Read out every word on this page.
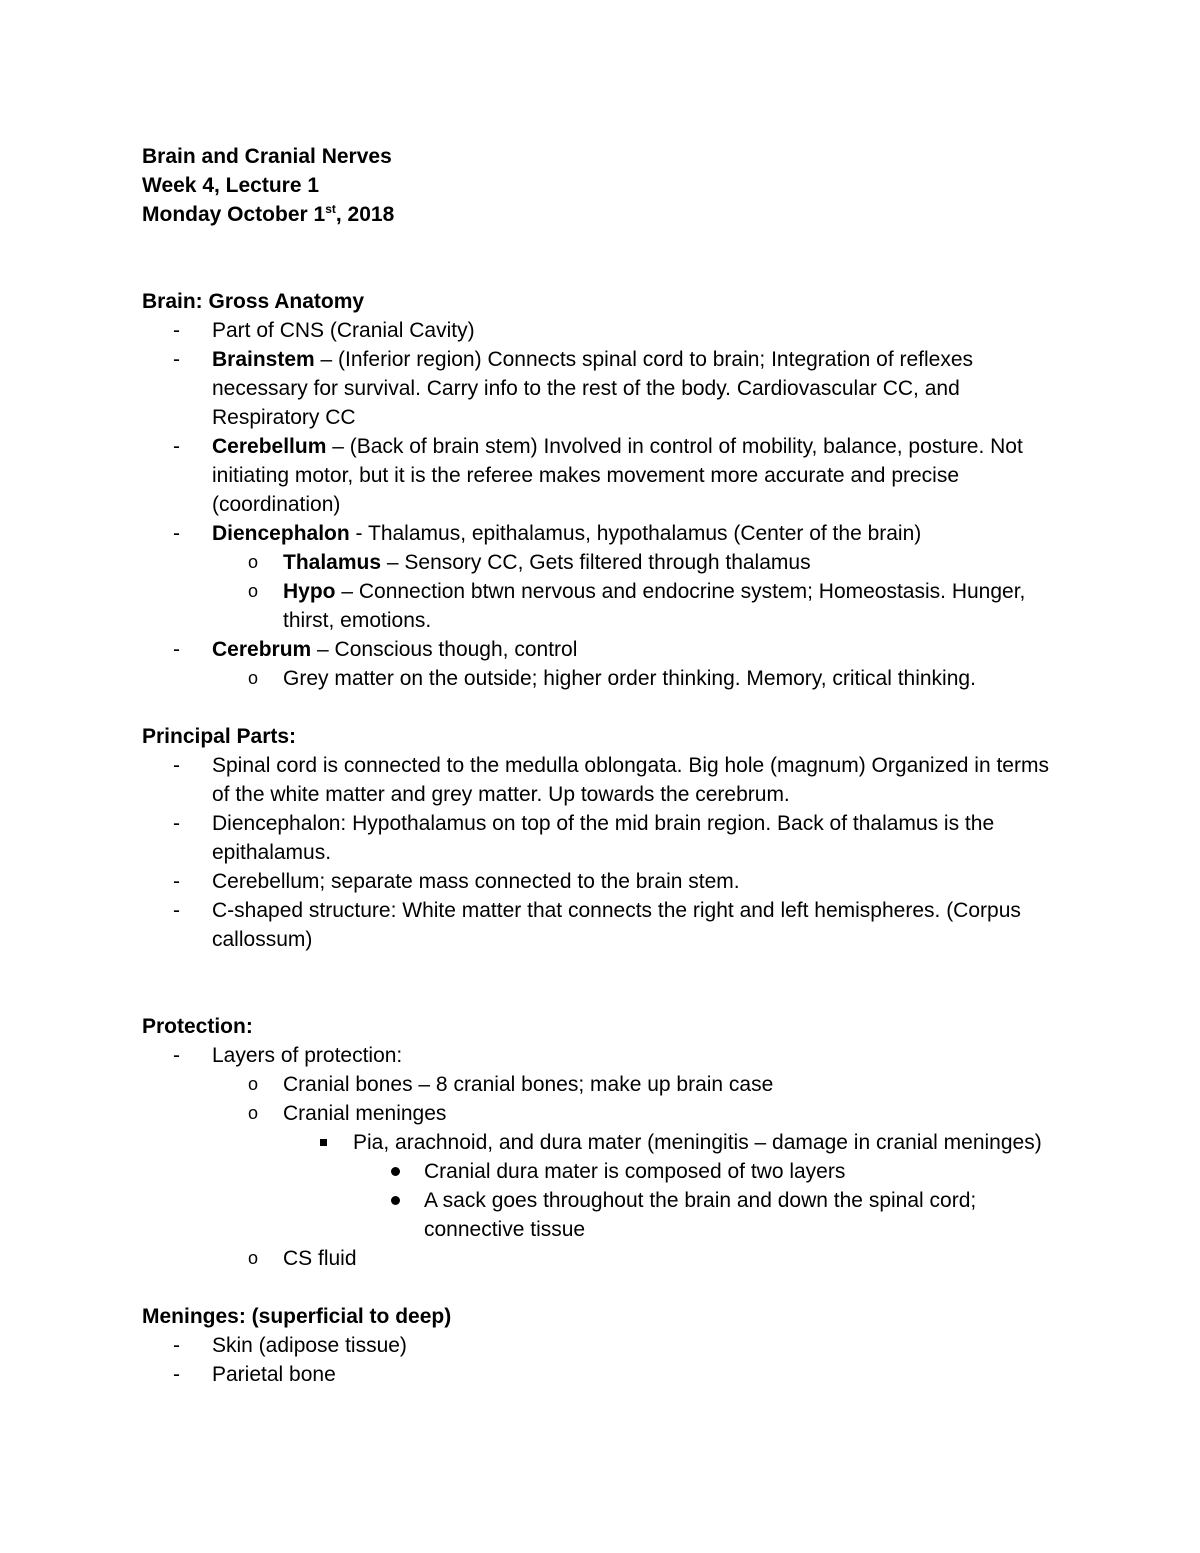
Brain and Cranial Nerves
Week 4, Lecture 1
Monday October 1st, 2018
Brain: Gross Anatomy
- Part of CNS (Cranial Cavity)
- Brainstem – (Inferior region) Connects spinal cord to brain; Integration of reflexes necessary for survival. Carry info to the rest of the body. Cardiovascular CC, and Respiratory CC
- Cerebellum – (Back of brain stem) Involved in control of mobility, balance, posture. Not initiating motor, but it is the referee makes movement more accurate and precise (coordination)
- Diencephalon - Thalamus, epithalamus, hypothalamus (Center of the brain)
o Thalamus – Sensory CC, Gets filtered through thalamus
o Hypo – Connection btwn nervous and endocrine system; Homeostasis. Hunger, thirst, emotions.
- Cerebrum – Conscious though, control
o Grey matter on the outside; higher order thinking. Memory, critical thinking.
Principal Parts:
- Spinal cord is connected to the medulla oblongata. Big hole (magnum) Organized in terms of the white matter and grey matter. Up towards the cerebrum.
- Diencephalon: Hypothalamus on top of the mid brain region. Back of thalamus is the epithalamus.
- Cerebellum; separate mass connected to the brain stem.
- C-shaped structure: White matter that connects the right and left hemispheres. (Corpus callossum)
Protection:
- Layers of protection:
o Cranial bones – 8 cranial bones; make up brain case
o Cranial meninges
Pia, arachnoid, and dura mater (meningitis – damage in cranial meninges)
Cranial dura mater is composed of two layers
A sack goes throughout the brain and down the spinal cord; connective tissue
o CS fluid
Meninges: (superficial to deep)
- Skin (adipose tissue)
- Parietal bone
